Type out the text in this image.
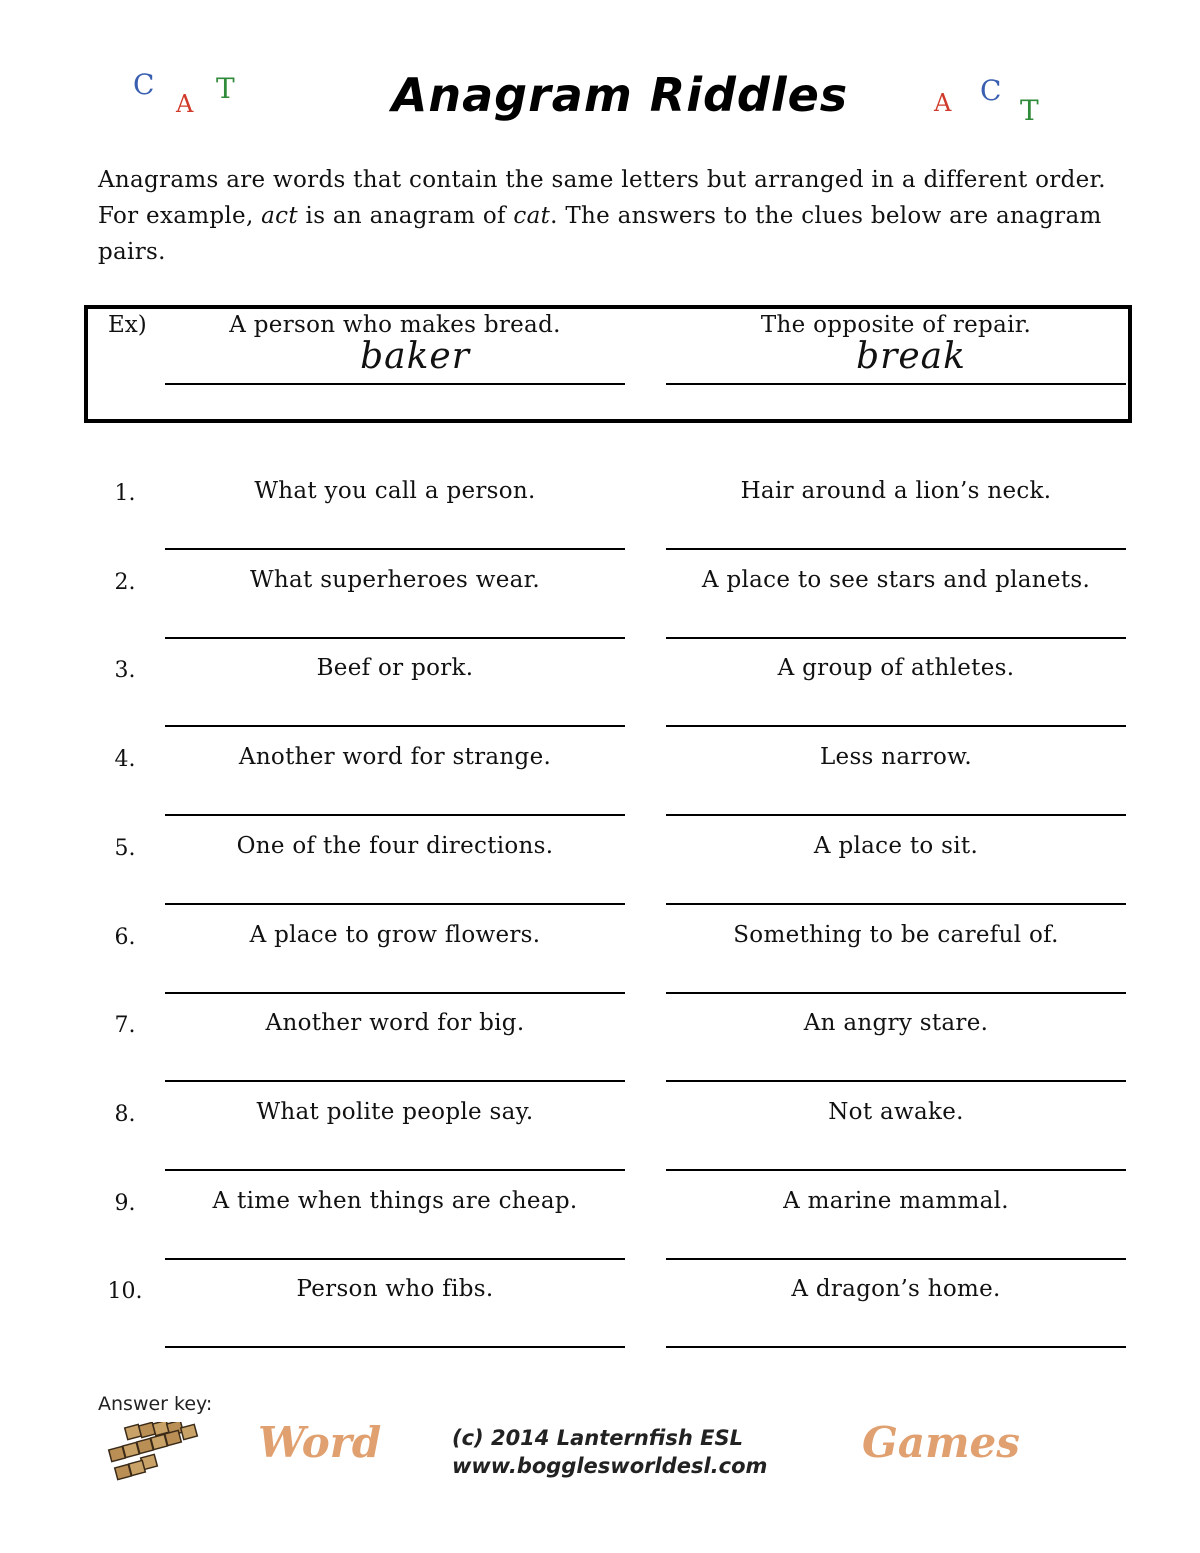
C
A T	Anagram Riddles	A C
T
Anagrams are words that contain the same letters but arranged in a different order. For example, act is an anagram of cat. The answers to the clues below are anagram pairs.
Ex)	A person who makes bread.	The opposite of repair.
baker	break
1.	What you call a person.	Hair around a lion’s neck.
2.	What superheroes wear.	A place to see stars and planets.
3.	Beef or pork.	A group of athletes.
4.	Another word for strange.	Less narrow.
5.	One of the four directions.	A place to sit.
6.	A place to grow flowers.	Something to be careful of.
7.	Another word for big.	An angry stare.
8.	What polite people say.	Not awake.
9.	A time when things are cheap.	A marine mammal.
10.	Person who fibs.	A dragon’s home.
Answer key:
Word	(c) 2014 Lanternfish ESL
www.bogglesworldesl.com Games
